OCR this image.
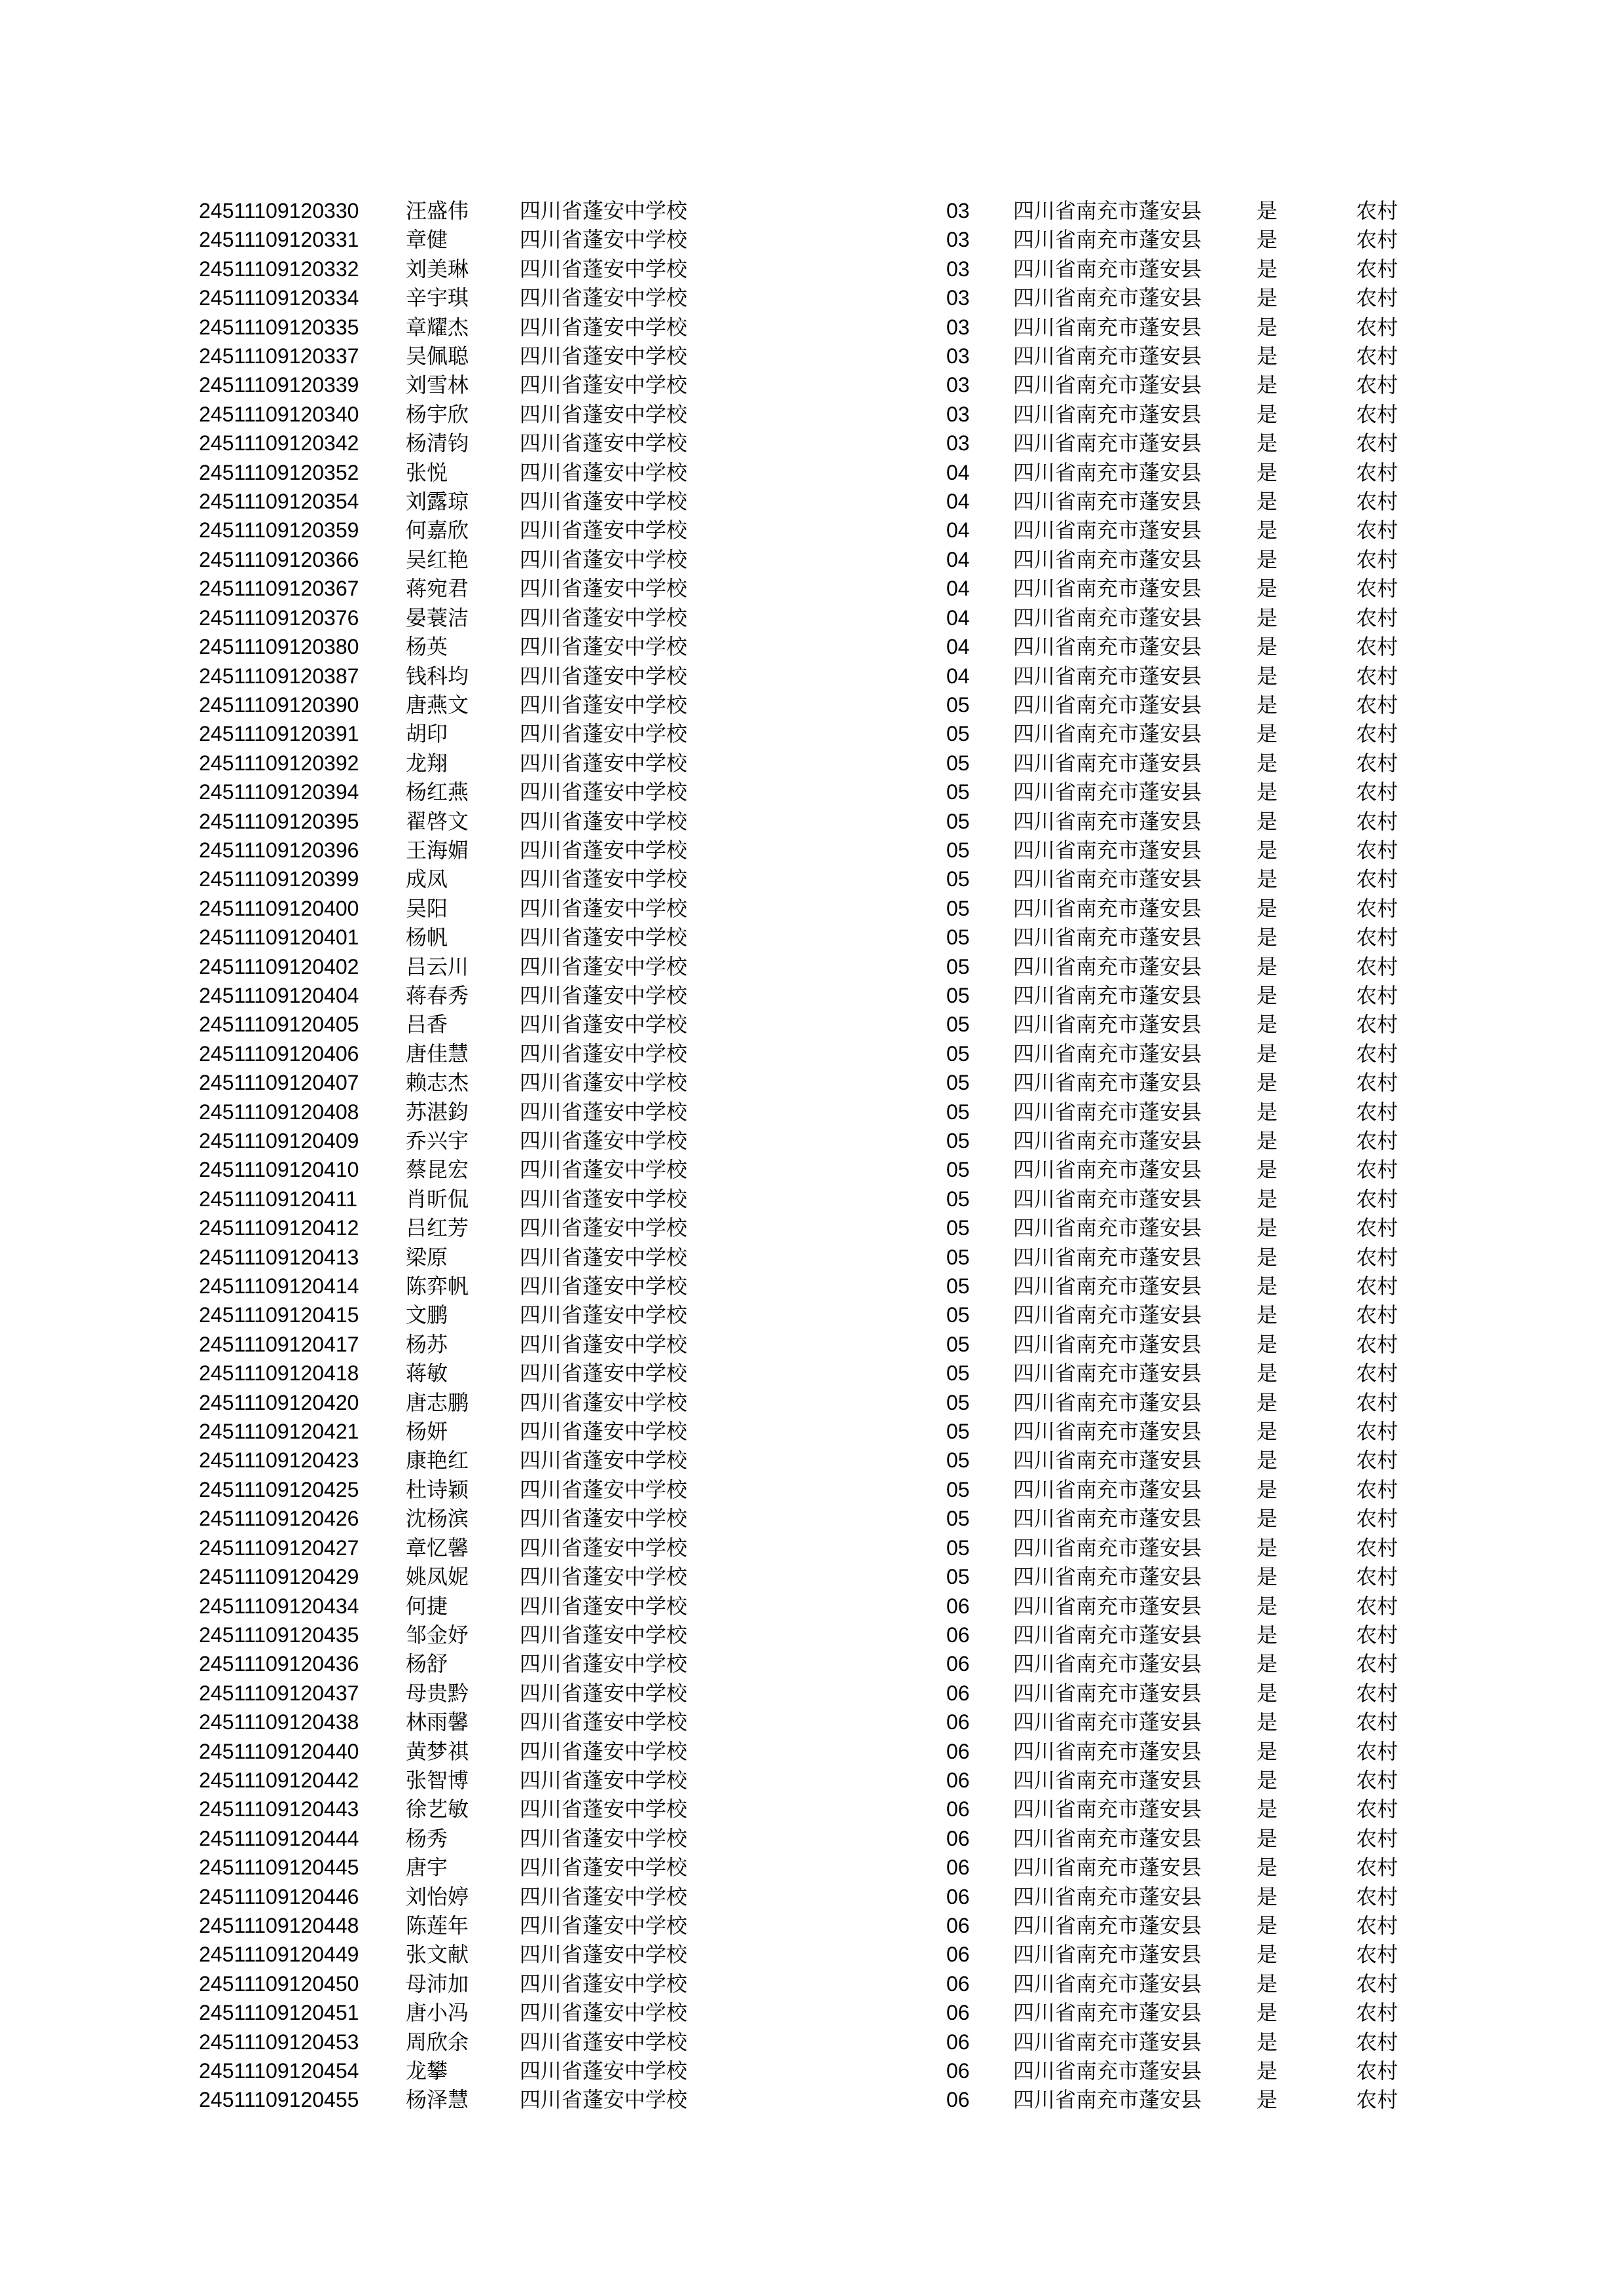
24511109120330	汪盛伟	四川省蓬安中学校	03	四川省南充市蓬安县	是	农村
24511109120331	章健	四川省蓬安中学校	03	四川省南充市蓬安县	是	农村
24511109120332	刘美琳	四川省蓬安中学校	03	四川省南充市蓬安县	是	农村
24511109120334	辛宇琪	四川省蓬安中学校	03	四川省南充市蓬安县	是	农村
24511109120335	章耀杰	四川省蓬安中学校	03	四川省南充市蓬安县	是	农村
24511109120337	吴佩聪	四川省蓬安中学校	03	四川省南充市蓬安县	是	农村
24511109120339	刘雪林	四川省蓬安中学校	03	四川省南充市蓬安县	是	农村
24511109120340	杨宇欣	四川省蓬安中学校	03	四川省南充市蓬安县	是	农村
24511109120342	杨清钧	四川省蓬安中学校	03	四川省南充市蓬安县	是	农村
24511109120352	张悦	四川省蓬安中学校	04	四川省南充市蓬安县	是	农村
24511109120354	刘露琼	四川省蓬安中学校	04	四川省南充市蓬安县	是	农村
24511109120359	何嘉欣	四川省蓬安中学校	04	四川省南充市蓬安县	是	农村
24511109120366	吴红艳	四川省蓬安中学校	04	四川省南充市蓬安县	是	农村
24511109120367	蒋宛君	四川省蓬安中学校	04	四川省南充市蓬安县	是	农村
24511109120376	晏蓑洁	四川省蓬安中学校	04	四川省南充市蓬安县	是	农村
24511109120380	杨英	四川省蓬安中学校	04	四川省南充市蓬安县	是	农村
24511109120387	钱科均	四川省蓬安中学校	04	四川省南充市蓬安县	是	农村
24511109120390	唐燕文	四川省蓬安中学校	05	四川省南充市蓬安县	是	农村
24511109120391	胡印	四川省蓬安中学校	05	四川省南充市蓬安县	是	农村
24511109120392	龙翔	四川省蓬安中学校	05	四川省南充市蓬安县	是	农村
24511109120394	杨红燕	四川省蓬安中学校	05	四川省南充市蓬安县	是	农村
24511109120395	翟啓文	四川省蓬安中学校	05	四川省南充市蓬安县	是	农村
24511109120396	王海媚	四川省蓬安中学校	05	四川省南充市蓬安县	是	农村
24511109120399	成凤	四川省蓬安中学校	05	四川省南充市蓬安县	是	农村
24511109120400	吴阳	四川省蓬安中学校	05	四川省南充市蓬安县	是	农村
24511109120401	杨帆	四川省蓬安中学校	05	四川省南充市蓬安县	是	农村
24511109120402	吕云川	四川省蓬安中学校	05	四川省南充市蓬安县	是	农村
24511109120404	蒋春秀	四川省蓬安中学校	05	四川省南充市蓬安县	是	农村
24511109120405	吕香	四川省蓬安中学校	05	四川省南充市蓬安县	是	农村
24511109120406	唐佳慧	四川省蓬安中学校	05	四川省南充市蓬安县	是	农村
24511109120407	赖志杰	四川省蓬安中学校	05	四川省南充市蓬安县	是	农村
24511109120408	苏湛鈞	四川省蓬安中学校	05	四川省南充市蓬安县	是	农村
24511109120409	乔兴宇	四川省蓬安中学校	05	四川省南充市蓬安县	是	农村
24511109120410	蔡昆宏	四川省蓬安中学校	05	四川省南充市蓬安县	是	农村
24511109120411	肖昕侃	四川省蓬安中学校	05	四川省南充市蓬安县	是	农村
24511109120412	吕红芳	四川省蓬安中学校	05	四川省南充市蓬安县	是	农村
24511109120413	梁原	四川省蓬安中学校	05	四川省南充市蓬安县	是	农村
24511109120414	陈弈帆	四川省蓬安中学校	05	四川省南充市蓬安县	是	农村
24511109120415	文鹏	四川省蓬安中学校	05	四川省南充市蓬安县	是	农村
24511109120417	杨苏	四川省蓬安中学校	05	四川省南充市蓬安县	是	农村
24511109120418	蒋敏	四川省蓬安中学校	05	四川省南充市蓬安县	是	农村
24511109120420	唐志鹏	四川省蓬安中学校	05	四川省南充市蓬安县	是	农村
24511109120421	杨妍	四川省蓬安中学校	05	四川省南充市蓬安县	是	农村
24511109120423	康艳红	四川省蓬安中学校	05	四川省南充市蓬安县	是	农村
24511109120425	杜诗颖	四川省蓬安中学校	05	四川省南充市蓬安县	是	农村
24511109120426	沈杨滨	四川省蓬安中学校	05	四川省南充市蓬安县	是	农村
24511109120427	章忆馨	四川省蓬安中学校	05	四川省南充市蓬安县	是	农村
24511109120429	姚凤妮	四川省蓬安中学校	05	四川省南充市蓬安县	是	农村
24511109120434	何捷	四川省蓬安中学校	06	四川省南充市蓬安县	是	农村
24511109120435	邹金妤	四川省蓬安中学校	06	四川省南充市蓬安县	是	农村
24511109120436	杨舒	四川省蓬安中学校	06	四川省南充市蓬安县	是	农村
24511109120437	母贵黔	四川省蓬安中学校	06	四川省南充市蓬安县	是	农村
24511109120438	林雨馨	四川省蓬安中学校	06	四川省南充市蓬安县	是	农村
24511109120440	黄梦祺	四川省蓬安中学校	06	四川省南充市蓬安县	是	农村
24511109120442	张智博	四川省蓬安中学校	06	四川省南充市蓬安县	是	农村
24511109120443	徐艺敏	四川省蓬安中学校	06	四川省南充市蓬安县	是	农村
24511109120444	杨秀	四川省蓬安中学校	06	四川省南充市蓬安县	是	农村
24511109120445	唐宇	四川省蓬安中学校	06	四川省南充市蓬安县	是	农村
24511109120446	刘怡婷	四川省蓬安中学校	06	四川省南充市蓬安县	是	农村
24511109120448	陈莲年	四川省蓬安中学校	06	四川省南充市蓬安县	是	农村
24511109120449	张文献	四川省蓬安中学校	06	四川省南充市蓬安县	是	农村
24511109120450	母沛加	四川省蓬安中学校	06	四川省南充市蓬安县	是	农村
24511109120451	唐小冯	四川省蓬安中学校	06	四川省南充市蓬安县	是	农村
24511109120453	周欣余	四川省蓬安中学校	06	四川省南充市蓬安县	是	农村
24511109120454	龙攀	四川省蓬安中学校	06	四川省南充市蓬安县	是	农村
24511109120455	杨泽慧	四川省蓬安中学校	06	四川省南充市蓬安县	是	农村
